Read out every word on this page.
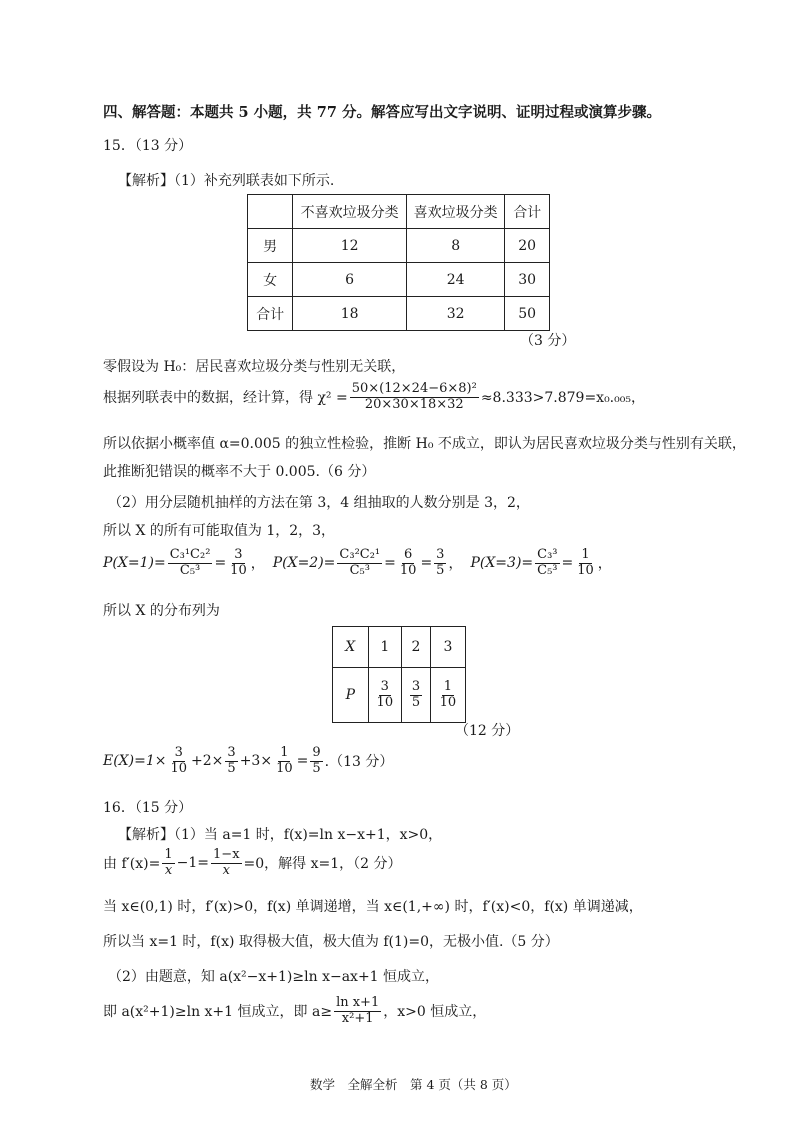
四、解答题：本题共 5 小题，共 77 分。解答应写出文字说明、证明过程或演算步骤。
15．（13 分）
【解析】（1）补充列联表如下所示.
	不喜欢垃圾分类	喜欢垃圾分类	合计
男	12	8	20
女	6	24	30
合计	18	32	50
（3 分）
零假设为 H₀：居民喜欢垃圾分类与性别无关联，
根据列联表中的数据，经计算，得 $\chi^2 = \frac{\text{50×(12×24−6×8)²}}{20\times 30\times 18\times 32} \approx 8.333>7.879=x_0._{005}$，
所以依据小概率值 α=0.005 的独立性检验，推断 H₀ 不成立，即认为居民喜欢垃圾分类与性别有关联，
此推断犯错误的概率不大于 0.005.（6 分）
（2）用分层随机抽样的方法在第 3，4 组抽取的人数分别是 3，2，
所以 X 的所有可能取值为 1，2，3，
$P(X=1)= \frac{\text{C₃¹C₂²}}{\text{C₅³}} = \frac{3}{10}$ ， $P(X=2)= \frac{\text{C₃²C₂¹}}{\text{C₅³}} = \frac{6}{10} = \frac{3}{5}$ ， $P(X=3)= \frac{\text{C₃³}}{\text{C₅³}} = \frac{1}{10}$ ，
所以 X 的分布列为
X	1	2	3
P	$\frac{3}{10}$	$\frac{3}{5}$	$\frac{1}{10}$
（12 分）
$E(X)=1\times \frac{3}{10} +2\times \frac{3}{5} +3\times \frac{1}{10} = \frac{9}{5} .(13$ 分）
16．（15 分）
【解析】（1）当 a=1 时，f(x)=ln x−x+1，x>0，
由 $f'(x)= \frac{1}{x} -1= \frac{1-x}{x} =0$，解得 x=1，（2 分）
当 x∈(0,1) 时，f′(x)>0，f(x) 单调递增，当 x∈(1,+∞) 时，f′(x)<0，f(x) 单调递减，
所以当 x=1 时，f(x) 取得极大值，极大值为 f(1)=0，无极小值.（5 分）
（2）由题意，知 a(x²−x+1)≥ln x−ax+1 恒成立，
即 a(x²+1)≥ln x+1 恒成立，即 $a\ge \frac{\text{ln x+1}}{\text{x²+1}}$ ，x>0 恒成立，
数学　全解全析　第 4 页（共 8 页）
